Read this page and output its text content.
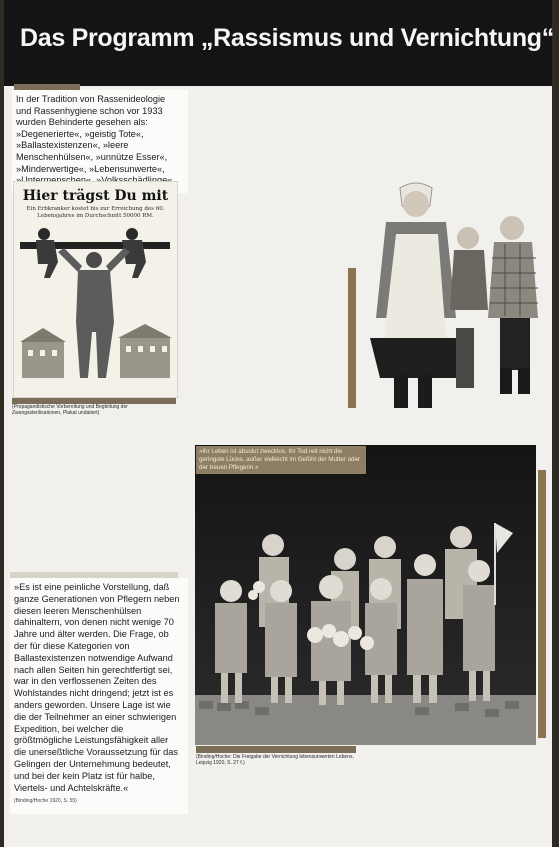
Das Programm „Rassismus und Vernichtung“
In der Tradition von Rassenideologie und Rassenhygiene schon vor 1933 wurden Behinderte gesehen als: »Degenerierte«, »geistig Tote«, »Ballastexistenzen«, »leere Menschenhülsen«, »unnütze Esser«, »Minderwertige«, »Lebensunwerte«,
Hier trägst Du mit
Ein Erbkranker kostet bis zur Erreichung des 60. Lebensjahres im Durchschnitt 50000 RM.
(Propagandistische Vorbereitung und Begleitung der Zwangssterilisationen, Plakat undatiert)
»Ihr Leben ist absolut zwecklos. Ihr Tod reit nicht die geringste Lücke, außer vielleicht im Gefühl der Mutter oder der treuen Pflegerin.«
(Binding/Hoche: Die Freigabe der Vernichtung lebensunwerten Lebens, Leipzig 1920, S. 27 f.)
»Es ist eine peinliche Vorstellung, daß ganze Generationen von Pflegern neben diesen leeren Menschenhülsen dahinaltern, von denen nicht wenige 70 Jahre und älter werden. Die Frage, ob der für diese Kategorien von Ballastexistenzen notwendige Aufwand nach allen Seiten hin gerechtfertigt sei, war in den verflossenen Zeiten des Wohlstandes nicht dringend; jetzt ist es anders geworden. Unsere Lage ist wie die der Teilnehmer an einer schwierigen Expedition, bei welcher die größtmögliche Leistungsfähigkeit aller die unerseßtliche Voraussetzung für das Gelingen der Unternehmung bedeutet, und bei der kein Platz ist für halbe, Viertels- und Achtelskräfte.«
(Binding/Hoche 1920, S. 55)
